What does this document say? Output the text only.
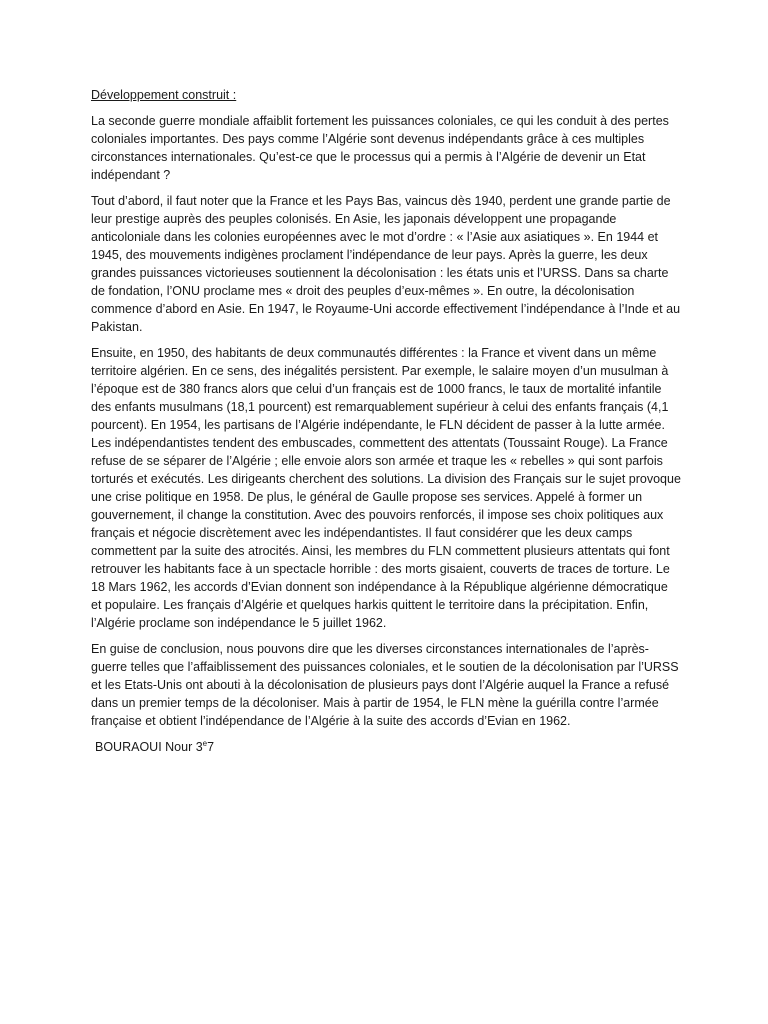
Développement construit :

La seconde guerre mondiale affaiblit fortement les puissances coloniales, ce qui les conduit à des pertes coloniales importantes. Des pays comme l’Algérie sont devenus indépendants grâce à ces multiples circonstances internationales. Qu’est-ce que le processus qui a permis à l’Algérie de devenir un Etat indépendant ?

Tout d’abord, il faut noter que la France et les Pays Bas, vaincus dès 1940, perdent une grande partie de leur prestige auprès des peuples colonisés. En Asie, les japonais développent une propagande anticoloniale dans les colonies européennes avec le mot d’ordre : « l’Asie aux asiatiques ». En 1944 et 1945, des mouvements indigènes proclament l’indépendance de leur pays. Après la guerre, les deux grandes puissances victorieuses soutiennent la décolonisation : les états unis et l’URSS. Dans sa charte de fondation, l’ONU proclame mes « droit des peuples d’eux-mêmes ». En outre, la décolonisation commence d’abord en Asie. En 1947, le Royaume-Uni accorde effectivement l’indépendance à l’Inde et au Pakistan.

Ensuite, en 1950, des habitants de deux communautés différentes : la France et vivent dans un même territoire algérien. En ce sens, des inégalités persistent. Par exemple, le salaire moyen d’un musulman à l’époque est de 380 francs alors que celui d’un français est de 1000 francs, le taux de mortalité infantile des enfants musulmans (18,1 pourcent) est remarquablement supérieur à celui des enfants français (4,1 pourcent). En 1954, les partisans de l’Algérie indépendante, le FLN décident de passer à la lutte armée. Les indépendantistes tendent des embuscades, commettent des attentats (Toussaint Rouge). La France refuse de se séparer de l’Algérie ; elle envoie alors son armée et traque les « rebelles » qui sont parfois torturés et exécutés. Les dirigeants cherchent des solutions. La division des Français sur le sujet provoque une crise politique en 1958. De plus, le général de Gaulle propose ses services. Appelé à former un gouvernement, il change la constitution. Avec des pouvoirs renforcés, il impose ses choix politiques aux français et négocie discrètement avec les indépendantistes. Il faut considérer que les deux camps commettent par la suite des atrocités. Ainsi, les membres du FLN commettent plusieurs attentats qui font retrouver les habitants face à un spectacle horrible : des morts gisaient, couverts de traces de torture. Le 18 Mars 1962, les accords d’Evian donnent son indépendance à la République algérienne démocratique et populaire. Les français d’Algérie et quelques harkis quittent le territoire dans la précipitation. Enfin, l’Algérie proclame son indépendance le 5 juillet 1962.

En guise de conclusion, nous pouvons dire que les diverses circonstances internationales de l’après-guerre telles que l’affaiblissement des puissances coloniales, et le soutien de la décolonisation par l’URSS et les Etats-Unis ont abouti à la décolonisation de plusieurs pays dont l’Algérie auquel la France a refusé dans un premier temps de la décoloniser. Mais à partir de 1954, le FLN mène la guérilla contre l’armée française et obtient l’indépendance de l’Algérie à la suite des accords d’Evian en 1962.

BOURAOUI Nour 3e7
